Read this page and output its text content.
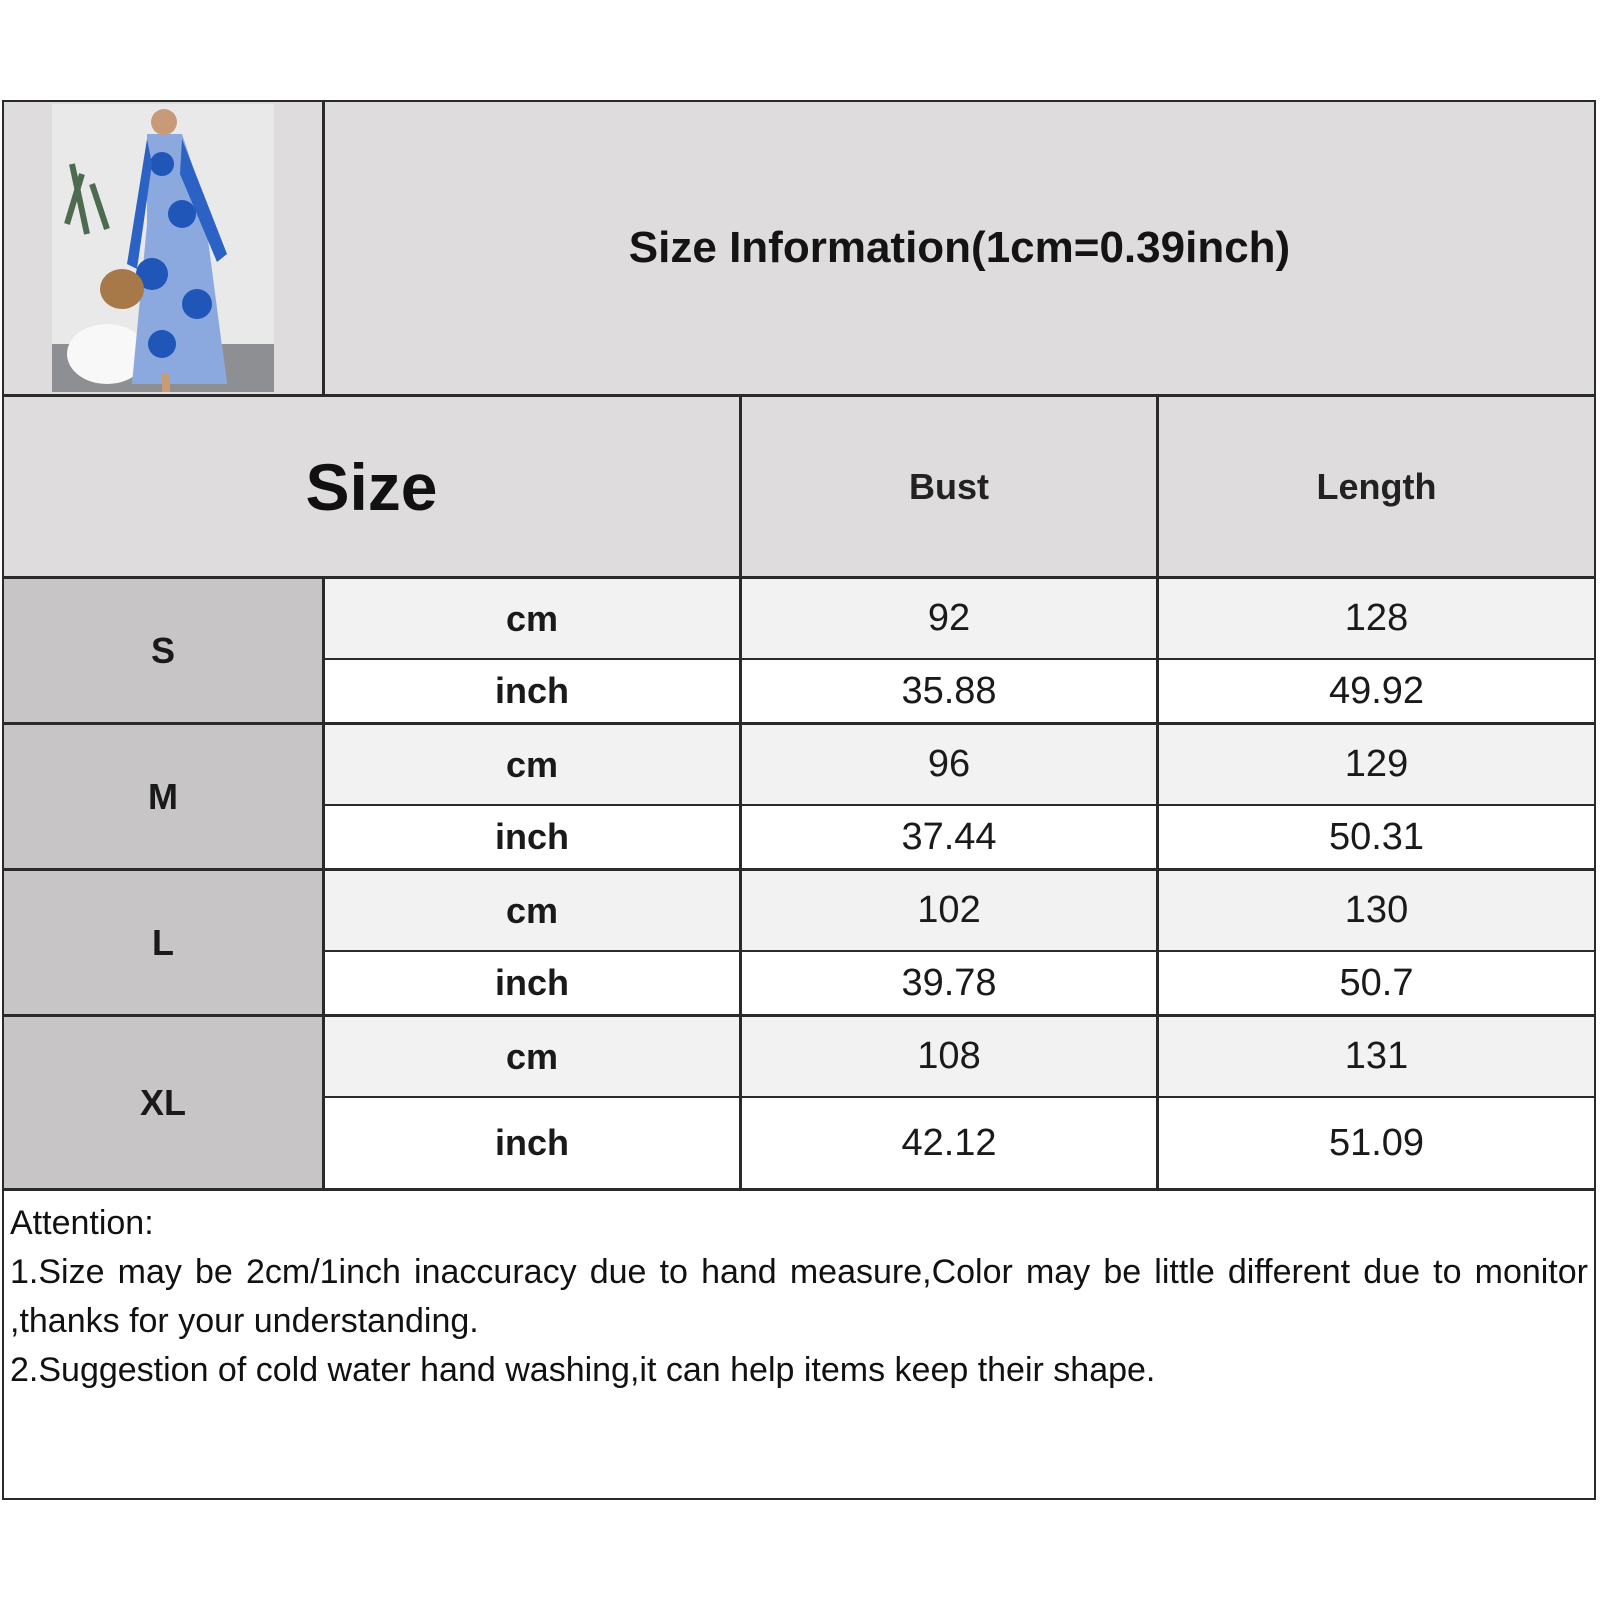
Size Information(1cm=0.39inch)
Size	Bust	Length
S
cm	92	128
inch	35.88	49.92
M
cm	96	129
inch	37.44	50.31
L
cm	102	130
inch	39.78	50.7
XL
cm	108	131
inch	42.12	51.09

Attention:

1.Size may be 2cm/1inch inaccuracy due to hand measure,Color may be little different due to monitor ,thanks for your understanding.

2.Suggestion of cold water hand washing,it can help items keep their shape.
